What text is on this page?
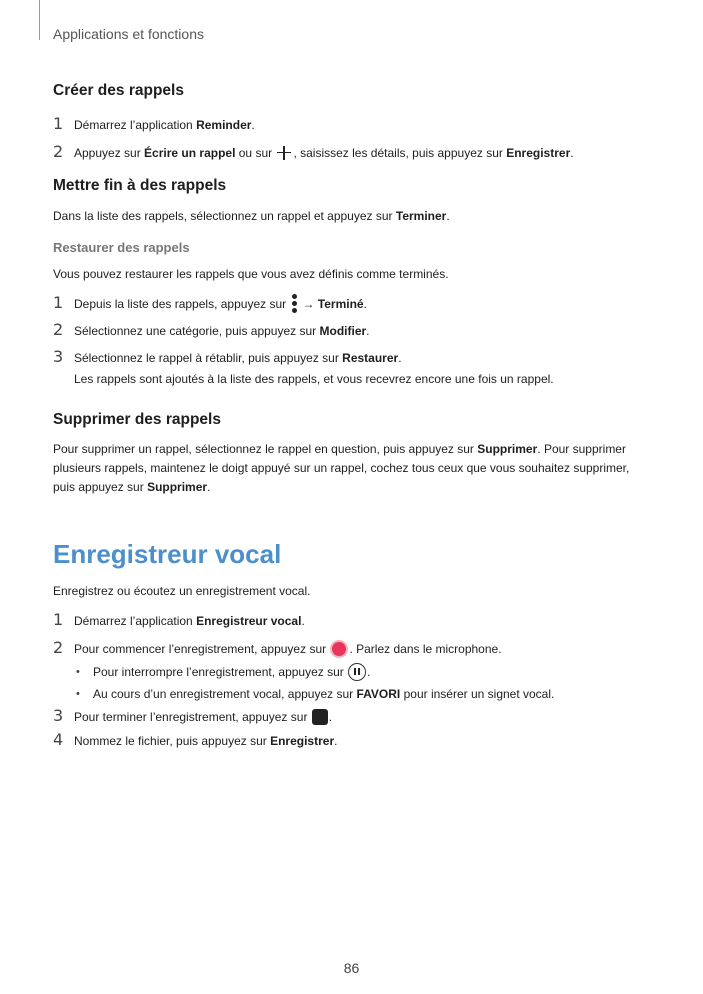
Applications et fonctions
Créer des rappels
1 Démarrez l’application Reminder.
2 Appuyez sur Écrire un rappel ou sur , saisissez les détails, puis appuyez sur Enregistrer.
Mettre fin à des rappels

Dans la liste des rappels, sélectionnez un rappel et appuyez sur Terminer.

Restaurer des rappels

Vous pouvez restaurer les rappels que vous avez définis comme terminés.

1 Depuis la liste des rappels, appuyez sur
→ Terminé.
2 Sélectionnez une catégorie, puis appuyez sur Modifier.
3 Sélectionnez le rappel à rétablir, puis appuyez sur Restaurer.
Les rappels sont ajoutés à la liste des rappels, et vous recevrez encore une fois un rappel.
Supprimer des rappels

Pour supprimer un rappel, sélectionnez le rappel en question, puis appuyez sur Supprimer. Pour supprimer plusieurs rappels, maintenez le doigt appuyé sur un rappel, cochez tous ceux que vous souhaitez supprimer, puis appuyez sur Supprimer.

Enregistreur vocal

Enregistrez ou écoutez un enregistrement vocal.

1 Démarrez l’application Enregistreur vocal.
2 Pour commencer l’enregistrement, appuyez sur . Parlez dans le microphone.
• Pour interrompre l’enregistrement, appuyez sur .
• Au cours d’un enregistrement vocal, appuyez sur FAVORI pour insérer un signet vocal.
3 Pour terminer l’enregistrement, appuyez sur .
4 Nommez le fichier, puis appuyez sur Enregistrer.
86
